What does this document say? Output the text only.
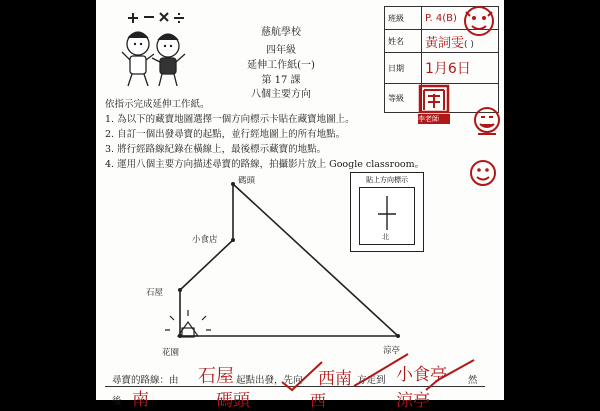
慈航學校
四年級
延伸工作紙(一)
第 17 課
八個主要方向
班級	P. 4(B)
姓名	黃詞雯( )
日期	1月6日
等級	
李老師
依指示完成延伸工作紙。
1. 為以下的藏寶地圖選擇一個方向標示卡貼在藏寶地圖上。
2. 自訂一個出發尋寶的起點，並行經地圖上的所有地點。
3. 將行經路線紀錄在橫線上，最後標示藏寶的地點。
4. 運用八個主要方向描述尋寶的路線，拍攝影片放上 Google classroom。
碼頭
小食店
石屋
花園	涼亭
貼上方向標示
北
尋寶的路線：由 石屋 起點出發，先向 西南 方走到 小食亭 然
後 南	碼頭	西	涼亭
